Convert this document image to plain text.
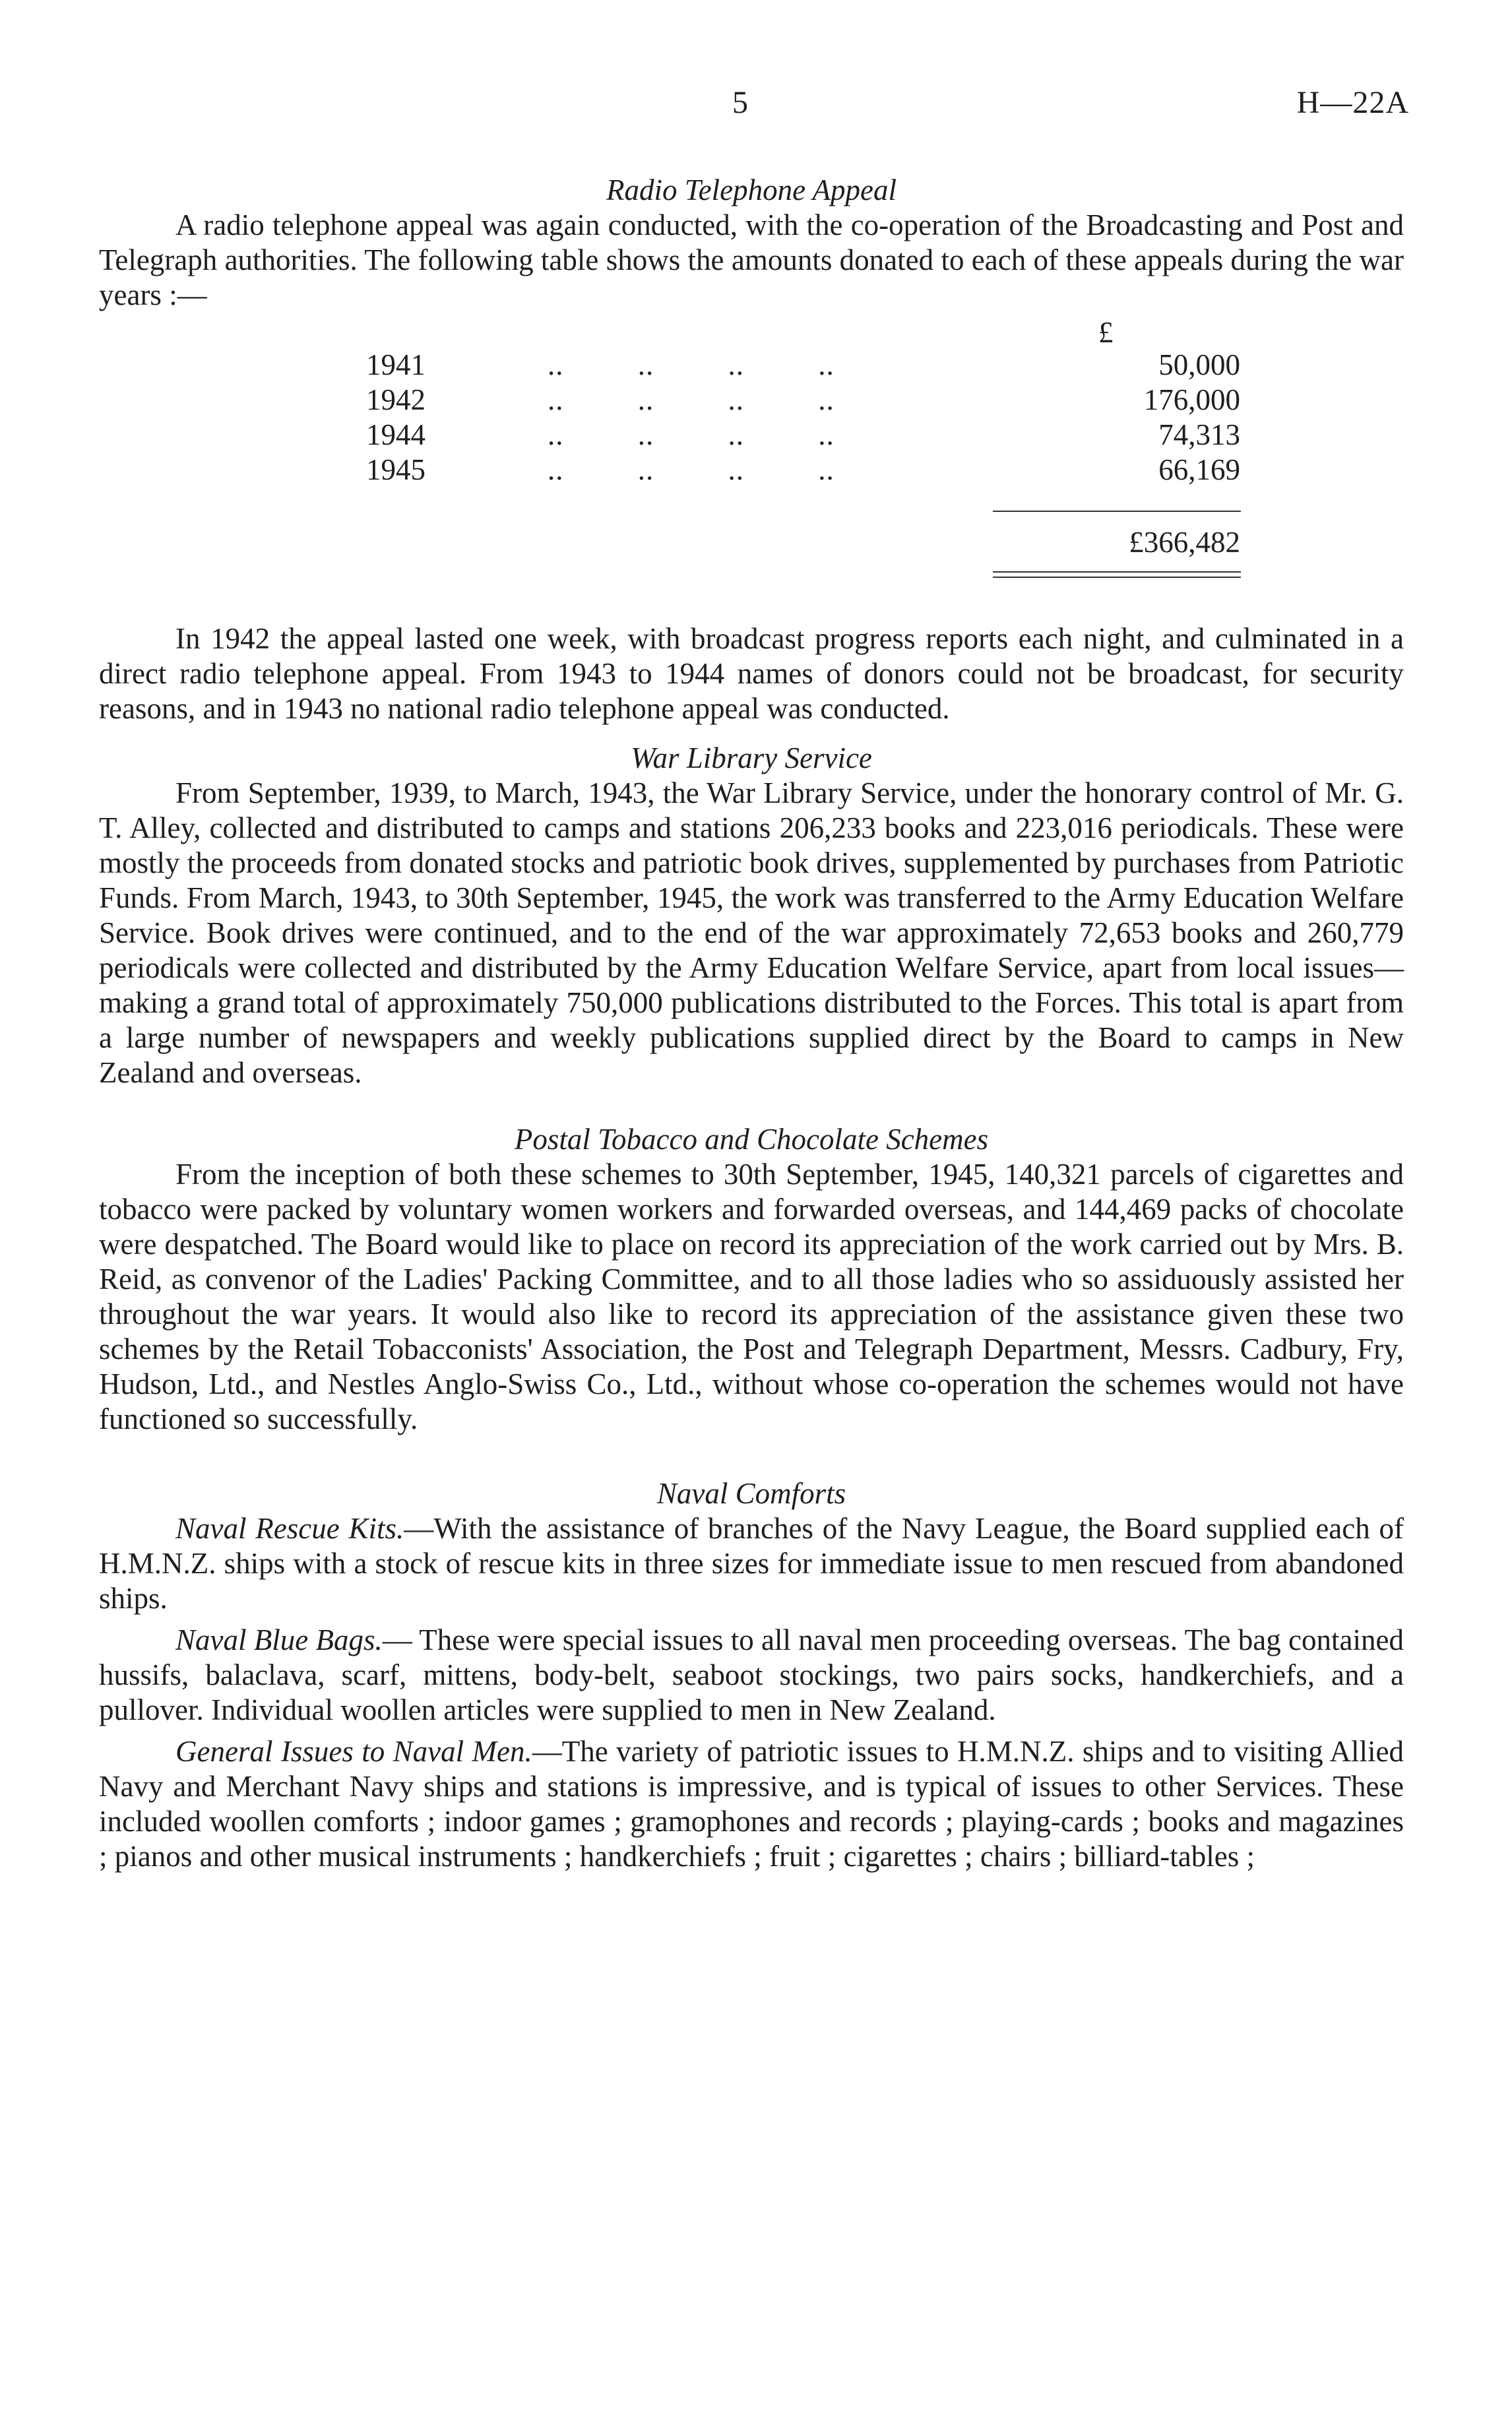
5	H—22A
Radio Telephone Appeal

A radio telephone appeal was again conducted, with the co-operation of the Broadcasting and Post and Telegraph authorities. The following table shows the amounts donated to each of these appeals during the war years :—

£
1941	.. .. .. ..	50,000
1942	.. .. .. ..	176,000
1944	.. .. .. ..	74,313
1945	.. .. .. ..	66,169
£366,482

In 1942 the appeal lasted one week, with broadcast progress reports each night, and culminated in a direct radio telephone appeal. From 1943 to 1944 names of donors could not be broadcast, for security reasons, and in 1943 no national radio telephone appeal was conducted.

War Library Service

From September, 1939, to March, 1943, the War Library Service, under the honorary control of Mr. G. T. Alley, collected and distributed to camps and stations 206,233 books and 223,016 periodicals. These were mostly the proceeds from donated stocks and patriotic book drives, supplemented by purchases from Patriotic Funds. From March, 1943, to 30th September, 1945, the work was transferred to the Army Education Welfare Service. Book drives were continued, and to the end of the war approximately 72,653 books and 260,779 periodicals were collected and distributed by the Army Education Welfare Service, apart from local issues—making a grand total of approximately 750,000 publications distributed to the Forces. This total is apart from a large number of newspapers and weekly publications supplied direct by the Board to camps in New Zealand and overseas.

Postal Tobacco and Chocolate Schemes

From the inception of both these schemes to 30th September, 1945, 140,321 parcels of cigarettes and tobacco were packed by voluntary women workers and forwarded overseas, and 144,469 packs of chocolate were despatched. The Board would like to place on record its appreciation of the work carried out by Mrs. B. Reid, as convenor of the Ladies' Packing Committee, and to all those ladies who so assiduously assisted her throughout the war years. It would also like to record its appreciation of the assistance given these two schemes by the Retail Tobacconists' Association, the Post and Telegraph Department, Messrs. Cadbury, Fry, Hudson, Ltd., and Nestles Anglo-Swiss Co., Ltd., without whose co-operation the schemes would not have functioned so successfully.

Naval Comforts

Naval Rescue Kits.—With the assistance of branches of the Navy League, the Board supplied each of H.M.N.Z. ships with a stock of rescue kits in three sizes for immediate issue to men rescued from abandoned ships.

Naval Blue Bags.— These were special issues to all naval men proceeding overseas. The bag contained hussifs, balaclava, scarf, mittens, body-belt, seaboot stockings, two pairs socks, handkerchiefs, and a pullover. Individual woollen articles were supplied to men in New Zealand.

General Issues to Naval Men.—The variety of patriotic issues to H.M.N.Z. ships and to visiting Allied Navy and Merchant Navy ships and stations is impressive, and is typical of issues to other Services. These included woollen comforts ; indoor games ; gramophones and records ; playing-cards ; books and magazines ; pianos and other musical instruments ; handkerchiefs ; fruit ; cigarettes ; chairs ; billiard-tables ;
